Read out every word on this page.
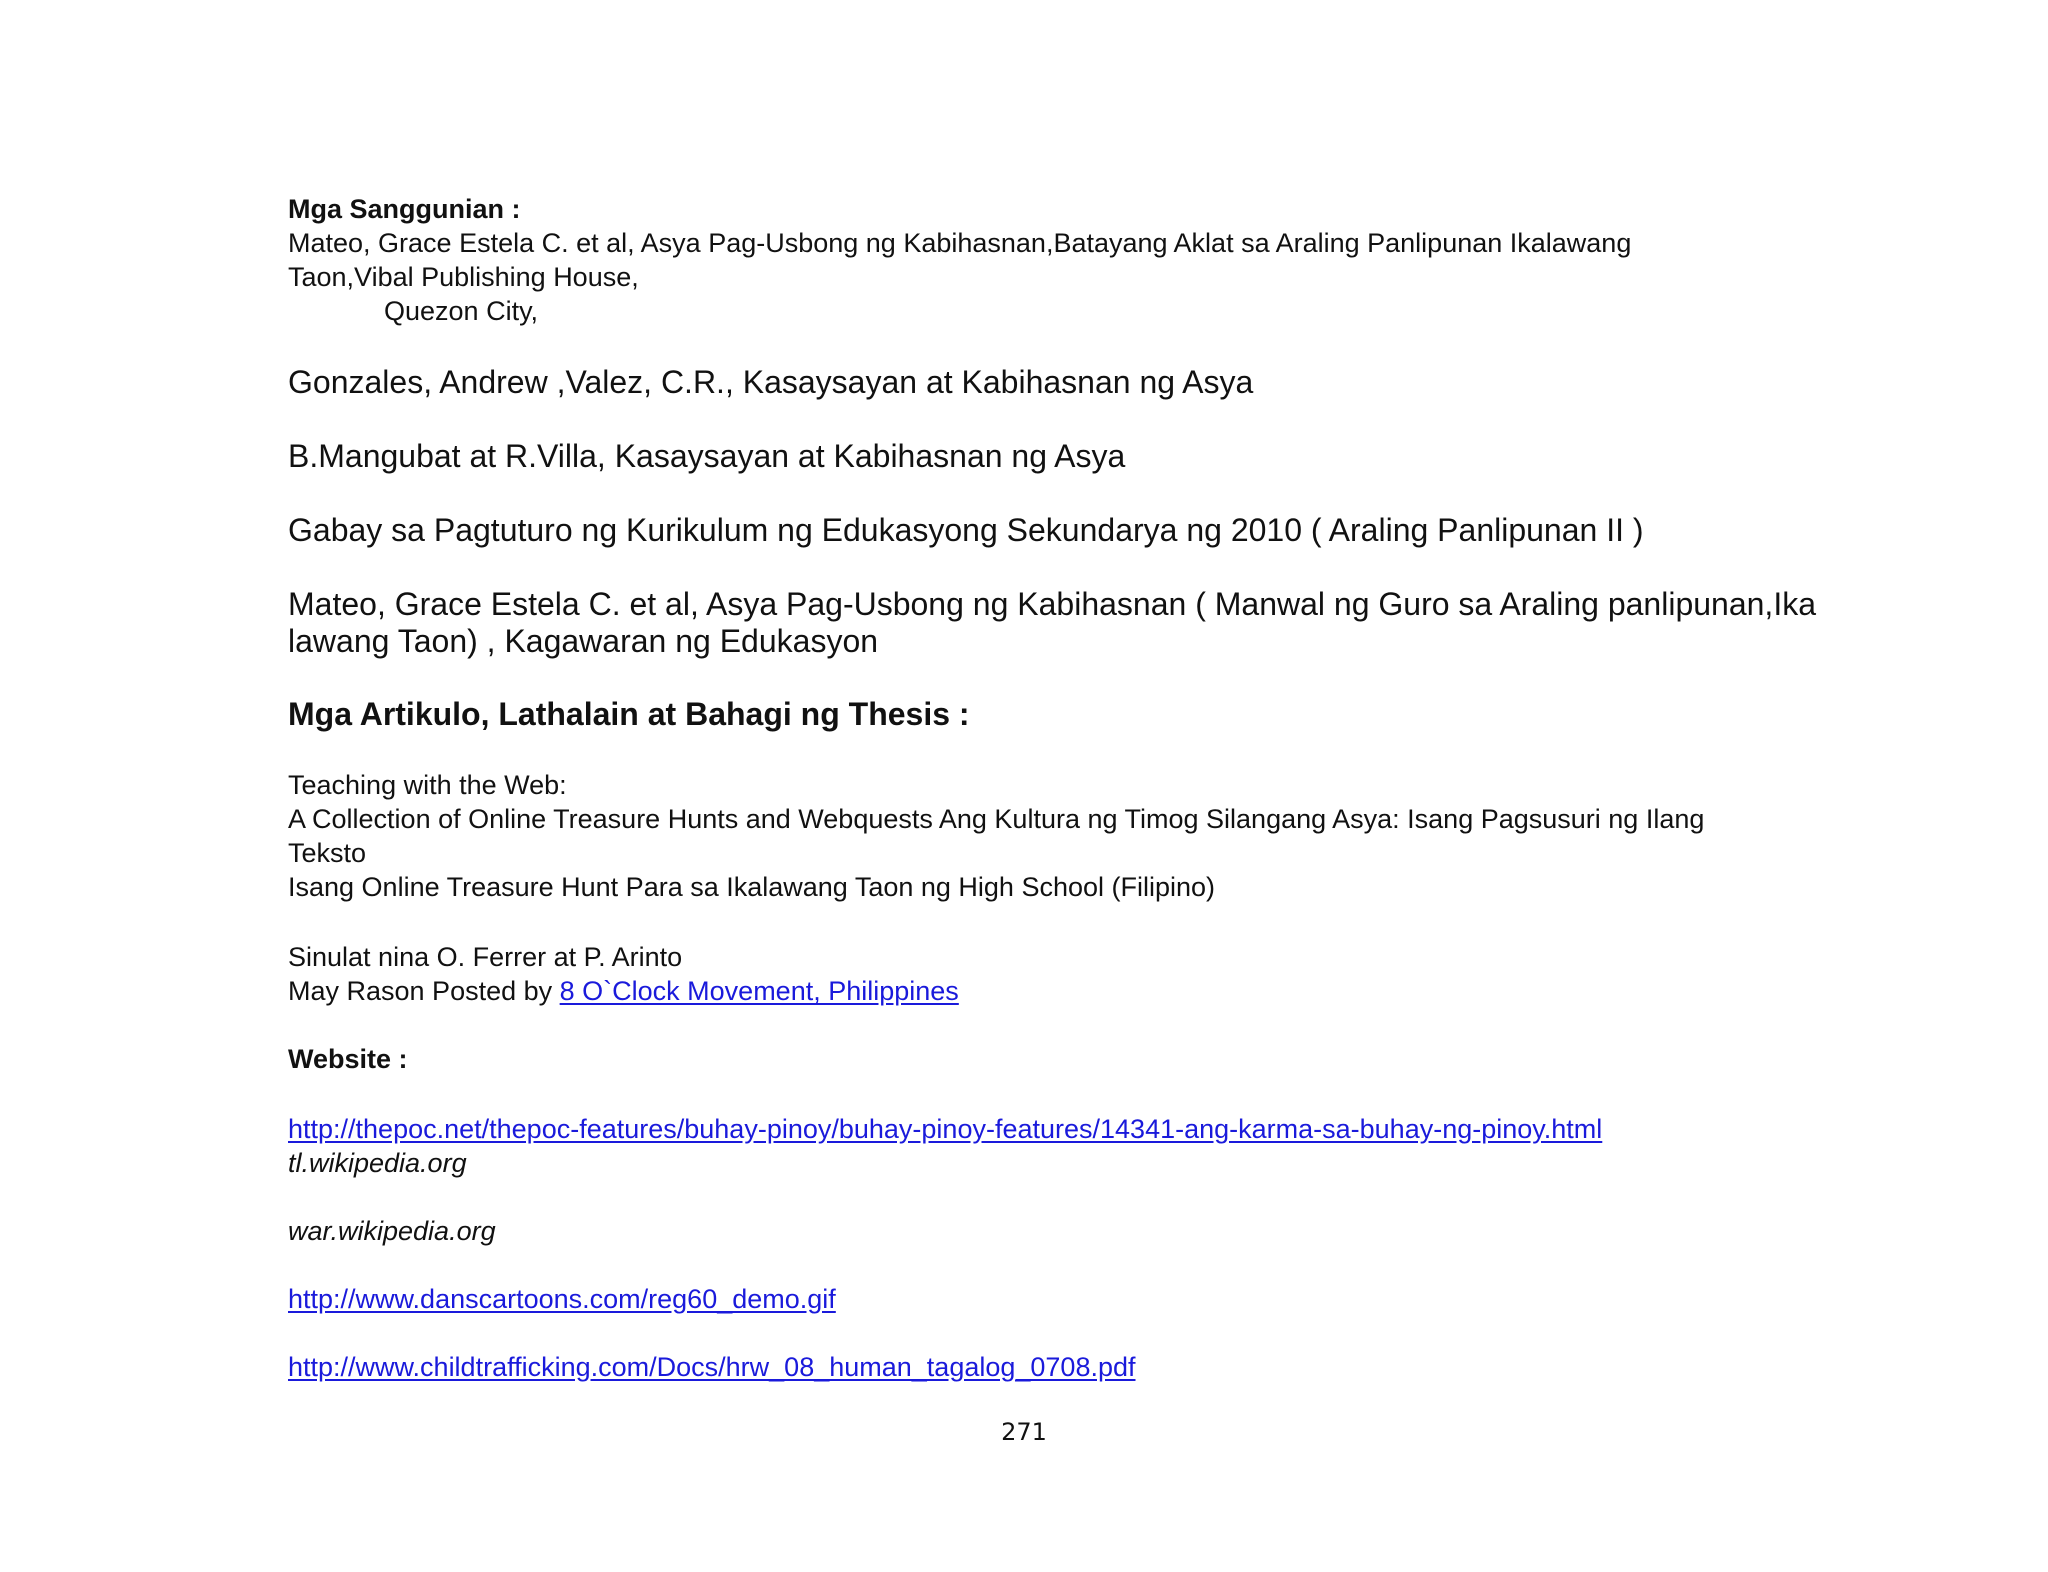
Mga Sanggunian :
Mateo, Grace Estela C. et al, Asya Pag-Usbong ng Kabihasnan,Batayang Aklat sa Araling Panlipunan Ikalawang
Taon,Vibal Publishing House,
Quezon City,
Gonzales, Andrew ,Valez, C.R., Kasaysayan at Kabihasnan ng Asya
B.Mangubat at R.Villa, Kasaysayan at Kabihasnan ng Asya
Gabay sa Pagtuturo ng Kurikulum ng Edukasyong Sekundarya ng 2010 ( Araling Panlipunan II )
Mateo, Grace Estela C. et al, Asya Pag-Usbong ng Kabihasnan ( Manwal ng Guro sa Araling panlipunan,Ika
lawang Taon) , Kagawaran ng Edukasyon
Mga Artikulo, Lathalain at Bahagi ng Thesis :
Teaching with the Web:
A Collection of Online Treasure Hunts and Webquests Ang Kultura ng Timog Silangang Asya: Isang Pagsusuri ng Ilang
Teksto
Isang Online Treasure Hunt Para sa Ikalawang Taon ng High School (Filipino)
Sinulat nina O. Ferrer at P. Arinto
May Rason Posted by 8 O`Clock Movement, Philippines
Website :
http://thepoc.net/thepoc-features/buhay-pinoy/buhay-pinoy-features/14341-ang-karma-sa-buhay-ng-pinoy.html
tl.wikipedia.org
war.wikipedia.org
http://www.danscartoons.com/reg60_demo.gif
http://www.childtrafficking.com/Docs/hrw_08_human_tagalog_0708.pdf
271
